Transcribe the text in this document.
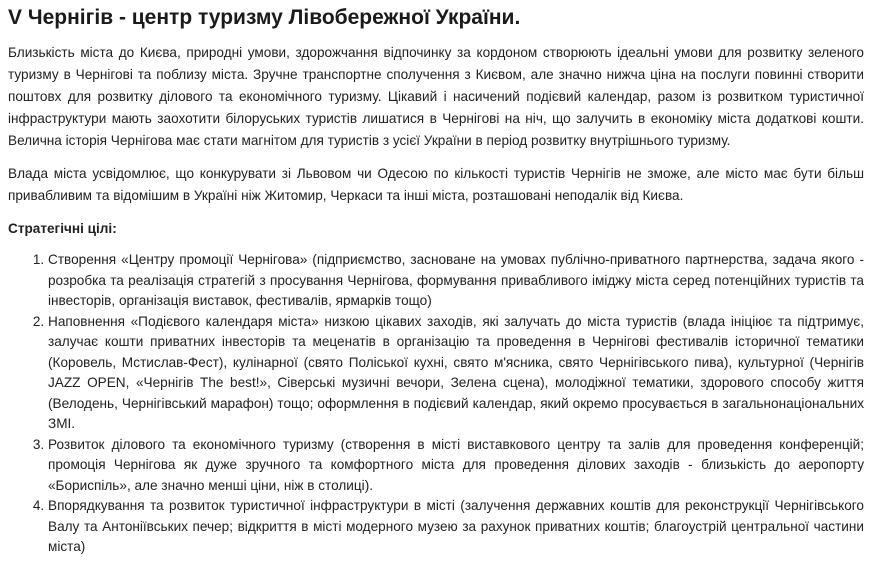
V Чернігів - центр туризму Лівобережної України.

Близькість міста до Києва, природні умови, здорожчання відпочинку за кордоном створюють ідеальні умови для розвитку зеленого туризму в Чернігові та поблизу міста. Зручне транспортне сполучення з Києвом, але значно нижча ціна на послуги повинні створити поштовх для розвитку ділового та економічного туризму. Цікавий і насичений подієвий календар, разом із розвитком туристичної інфраструктури мають заохотити білоруських туристів лишатися в Чернігові на ніч, що залучить в економіку міста додаткові кошти. Велична історія Чернігова має стати магнітом для туристів з усієї України в період розвитку внутрішнього туризму.

Влада міста усвідомлює, що конкурувати зі Львовом чи Одесою по кількості туристів Чернігів не зможе, але місто має бути більш привабливим та відомішим в Україні ніж Житомир, Черкаси та інші міста, розташовані неподалік від Києва.

Стратегічні цілі:
1. Створення «Центру промоції Чернігова» (підприємство, засноване на умовах публічно-приватного партнерства, задача якого - розробка та реалізація стратегій з просування Чернігова, формування привабливого іміджу міста серед потенційних туристів та інвесторів, організація виставок, фестивалів, ярмарків тощо)
2. Наповнення «Подієвого календаря міста» низкою цікавих заходів, які залучать до міста туристів (влада ініціює та підтримує, залучає кошти приватних інвесторів та меценатів в організацію та проведення в Чернігові фестивалів історичної тематики (Коровель, Мстислав-Фест), кулінарної (свято Поліської кухні, свято м'ясника, свято Чернігівського пива), культурної (Чернігів JAZZ OPEN, «Чернігів The best!», Сіверські музичні вечори, Зелена сцена), молодіжної тематики, здорового способу життя (Велодень, Чернігівський марафон) тощо; оформлення в подієвий календар, який окремо просувається в загальнонаціональних ЗМІ.
3. Розвиток ділового та економічного туризму (створення в місті виставкового центру та залів для проведення конференцій; промоція Чернігова як дуже зручного та комфортного міста для проведення ділових заходів - близькість до аеропорту «Бориспіль», але значно менші ціни, ніж в столиці).
4. Впорядкування та розвиток туристичної інфраструктури в місті (залучення державних коштів для реконструкції Чернігівського Валу та Антоніївських печер; відкриття в місті модерного музею за рахунок приватних коштів; благоустрій центральної частини міста)
